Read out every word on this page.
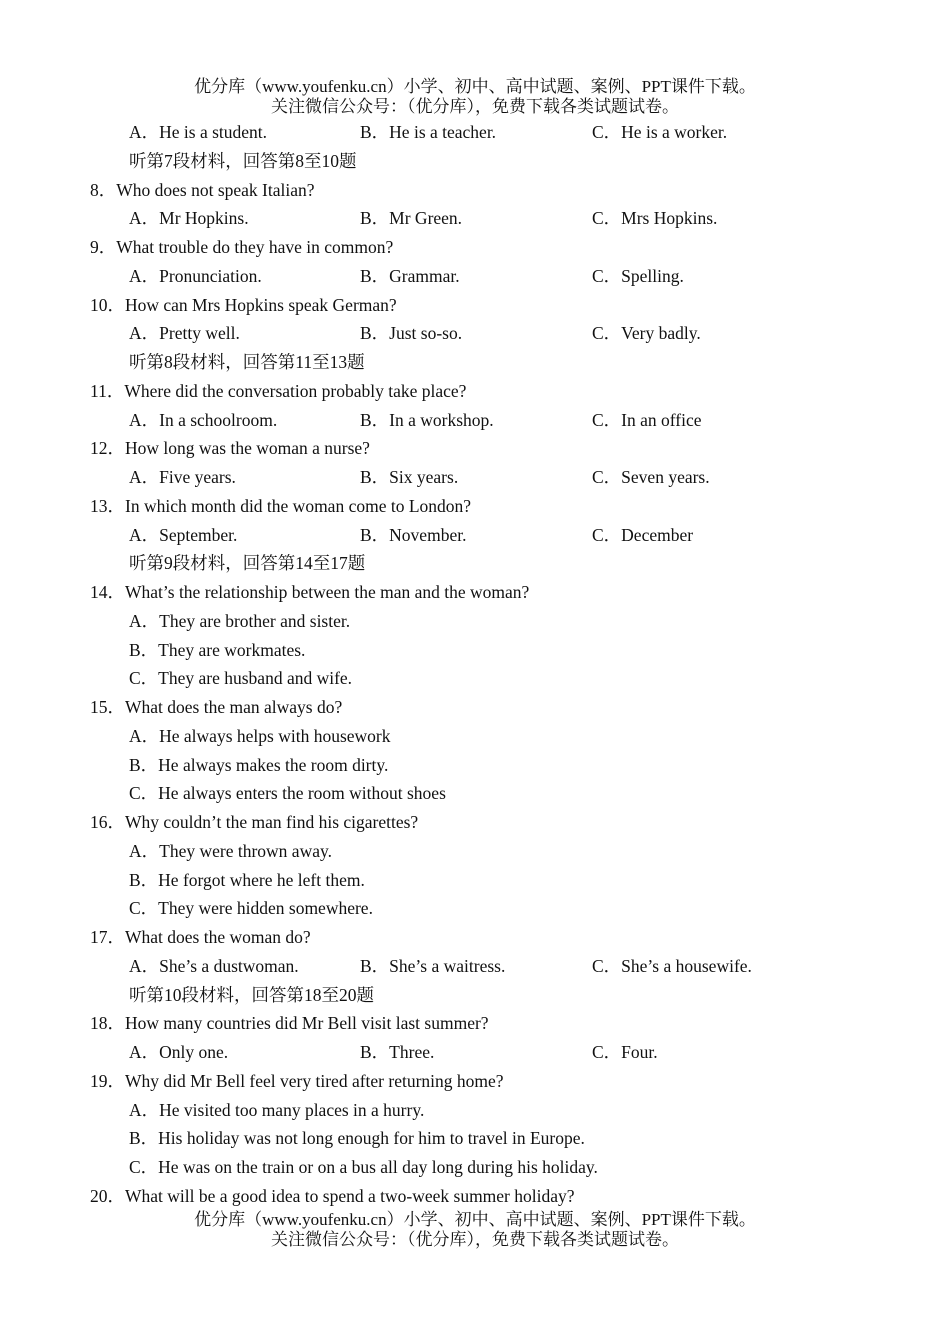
优分库（www.youfenku.cn）小学、初中、高中试题、案例、PPT课件下载。
关注微信公众号：（优分库），免费下载各类试题试卷。
A．He is a student.	B．He is a teacher.	C．He is a worker.
听第7段材料，回答第8至10题
8．Who does not speak Italian?
A．Mr Hopkins.	B．Mr Green.	C．Mrs Hopkins.
9．What trouble do they have in common?
A．Pronunciation.	B．Grammar.	C．Spelling.
10．How can Mrs Hopkins speak German?
A．Pretty well.	B．Just so-so.	C．Very badly.
听第8段材料，回答第11至13题
11．Where did the conversation probably take place?
A．In a schoolroom.	B．In a workshop.	C．In an office
12．How long was the woman a nurse?
A．Five years.	B．Six years.	C．Seven years.
13．In which month did the woman come to London?
A．September.	B．November.	C．December
听第9段材料，回答第14至17题
14．What’s the relationship between the man and the woman?
A．They are brother and sister.
B．They are workmates.
C．They are husband and wife.
15．What does the man always do?
A．He always helps with housework
B．He always makes the room dirty.
C．He always enters the room without shoes
16．Why couldn’t the man find his cigarettes?
A．They were thrown away.
B．He forgot where he left them.
C．They were hidden somewhere.
17．What does the woman do?
A．She’s a dustwoman.	B．She’s a waitress.	C．She’s a housewife.
听第10段材料，回答第18至20题
18．How many countries did Mr Bell visit last summer?
A．Only one.	B．Three.	C．Four.
19．Why did Mr Bell feel very tired after returning home?
A．He visited too many places in a hurry.
B．His holiday was not long enough for him to travel in Europe.
C．He was on the train or on a bus all day long during his holiday.
20．What will be a good idea to spend a two-week summer holiday?
优分库（www.youfenku.cn）小学、初中、高中试题、案例、PPT课件下载。
关注微信公众号：（优分库），免费下载各类试题试卷。
